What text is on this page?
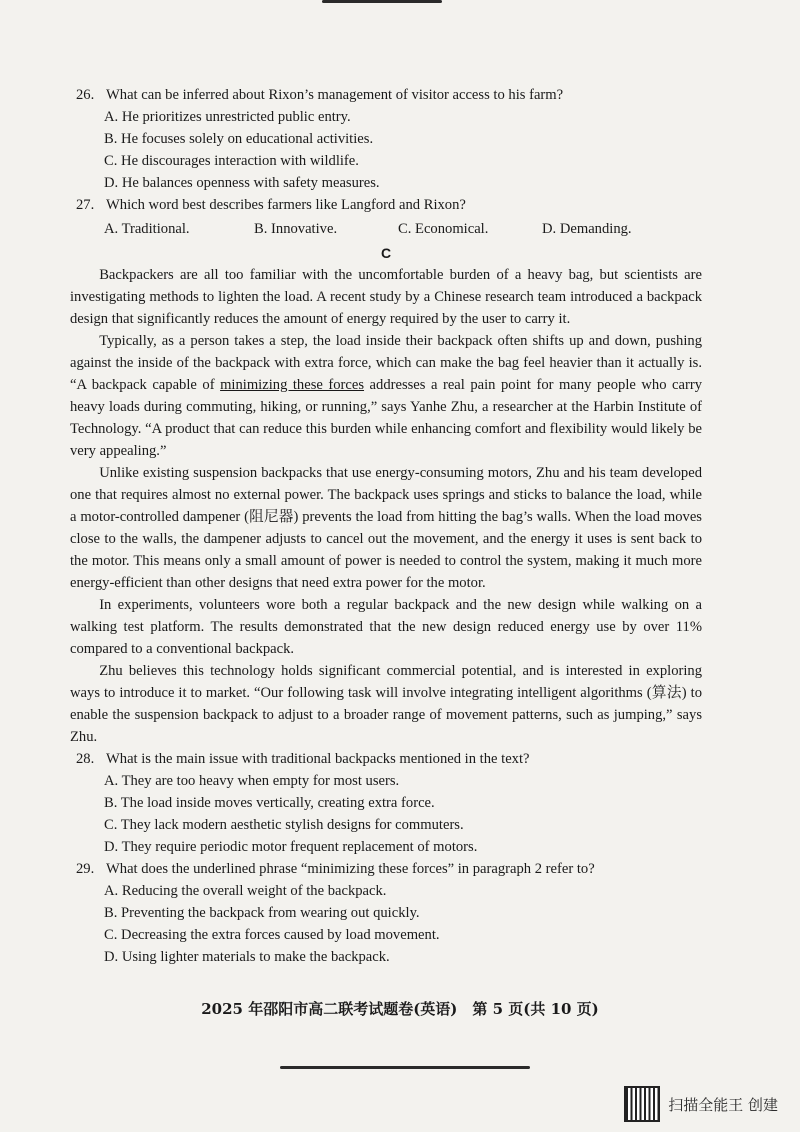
26. What can be inferred about Rixon’s management of visitor access to his farm?

A. He prioritizes unrestricted public entry.

B. He focuses solely on educational activities.

C. He discourages interaction with wildlife.

D. He balances openness with safety measures.

27. Which word best describes farmers like Langford and Rixon?
A. Traditional.	B. Innovative.	C. Economical.	D. Demanding.

C

Backpackers are all too familiar with the uncomfortable burden of a heavy bag, but scientists are investigating methods to lighten the load. A recent study by a Chinese research team introduced a backpack design that significantly reduces the amount of energy required by the user to carry it.

Typically, as a person takes a step, the load inside their backpack often shifts up and down, pushing against the inside of the backpack with extra force, which can make the bag feel heavier than it actually is. “A backpack capable of minimizing these forces addresses a real pain point for many people who carry heavy loads during commuting, hiking, or running,” says Yanhe Zhu, a researcher at the Harbin Institute of Technology. “A product that can reduce this burden while enhancing comfort and flexibility would likely be very appealing.”

Unlike existing suspension backpacks that use energy-consuming motors, Zhu and his team developed one that requires almost no external power. The backpack uses springs and sticks to balance the load, while a motor-controlled dampener (阻尼器) prevents the load from hitting the bag’s walls. When the load moves close to the walls, the dampener adjusts to cancel out the movement, and the energy it uses is sent back to the motor. This means only a small amount of power is needed to control the system, making it much more energy-efficient than other designs that need extra power for the motor.

In experiments, volunteers wore both a regular backpack and the new design while walking on a walking test platform. The results demonstrated that the new design reduced energy use by over 11% compared to a conventional backpack.

Zhu believes this technology holds significant commercial potential, and is interested in exploring ways to introduce it to market. “Our following task will involve integrating intelligent algorithms (算法) to enable the suspension backpack to adjust to a broader range of movement patterns, such as jumping,” says Zhu.

28. What is the main issue with traditional backpacks mentioned in the text?

A. They are too heavy when empty for most users.

B. The load inside moves vertically, creating extra force.

C. They lack modern aesthetic stylish designs for commuters.

D. They require periodic motor frequent replacement of motors.

29. What does the underlined phrase “minimizing these forces” in paragraph 2 refer to?

A. Reducing the overall weight of the backpack.

B. Preventing the backpack from wearing out quickly.

C. Decreasing the extra forces caused by load movement.

D. Using lighter materials to make the backpack.

2025 年邵阳市高二联考试题卷(英语)　第 5 页(共 10 页)
扫描全能王 创建
